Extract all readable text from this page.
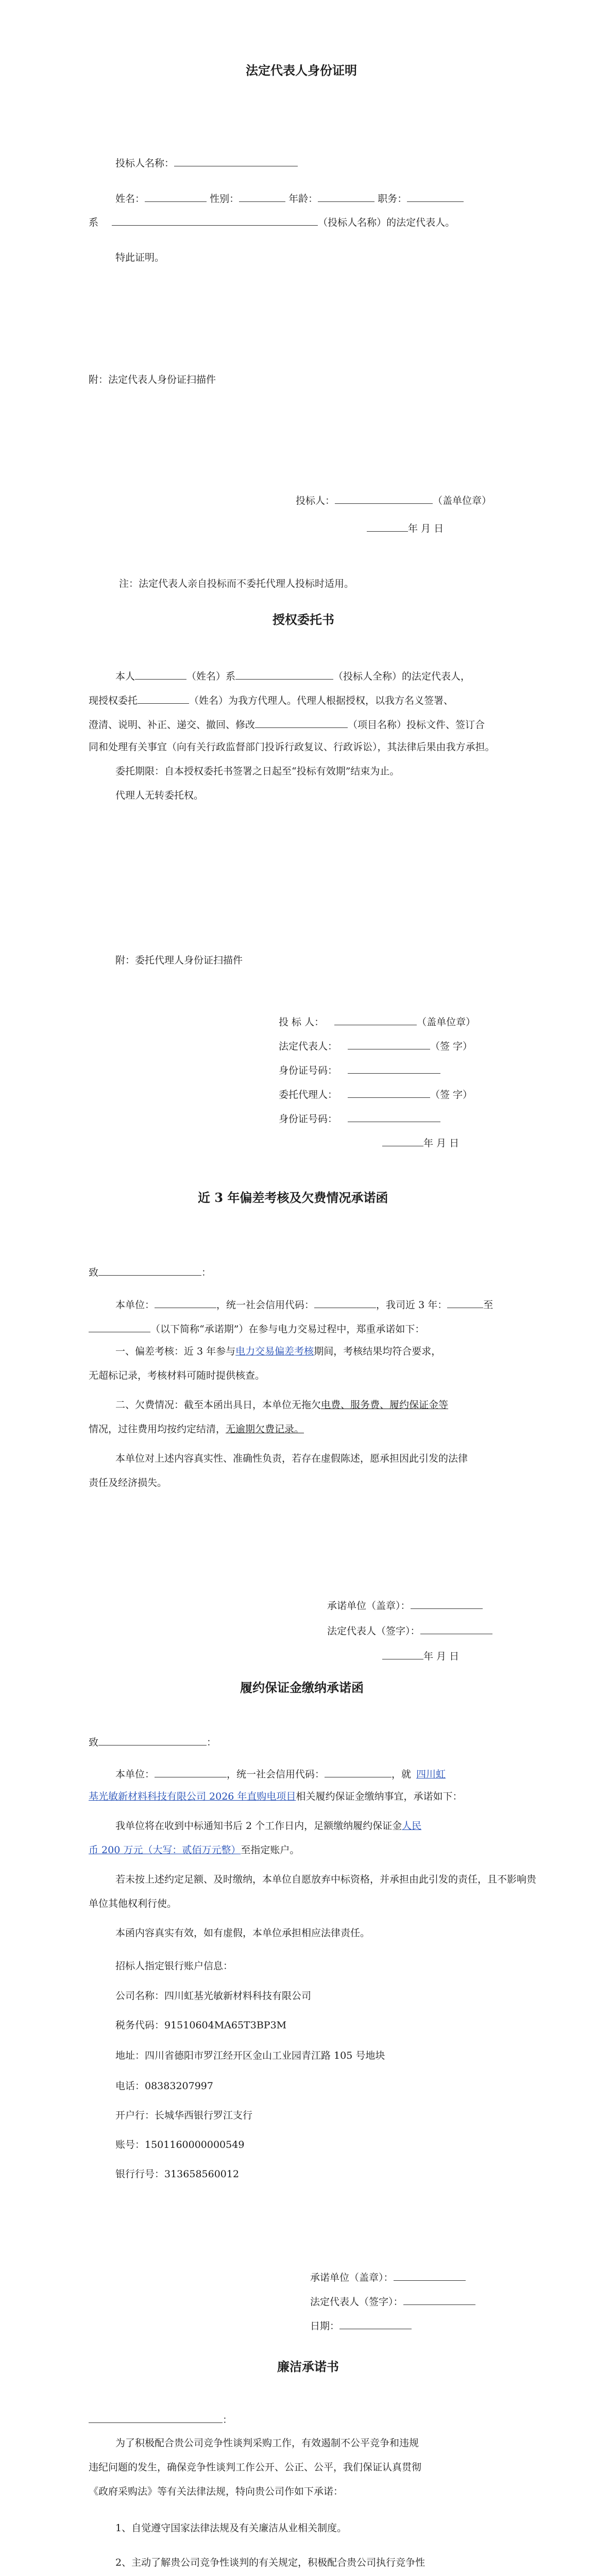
法定代表人身份证明
投标人名称：
姓名：	性别：	年龄：	职务：
系	（投标人名称）的法定代表人。
特此证明。
附：法定代表人身份证扫描件
投标人：	（盖单位章）
年 月 日
注：法定代表人亲自投标而不委托代理人投标时适用。
授权委托书
本人	（姓名）系	（投标人全称）的法定代表人，
现授权委托	（姓名）为我方代理人。代理人根据授权，以我方名义签署、
澄清、说明、补正、递交、撤回、修改	（项目名称）投标文件、签订合
同和处理有关事宜（向有关行政监督部门投诉行政复议、行政诉讼），其法律后果由我方承担。
委托期限：自本授权委托书签署之日起至“投标有效期”结束为止。
代理人无转委托权。
附：委托代理人身份证扫描件
投 标 人：	（盖单位章）
法定代表人：	（签 字）
身份证号码：
委托代理人：	（签 字）
身份证号码：
年 月 日
近 3 年偏差考核及欠费情况承诺函
致	：
本单位：	，统一社会信用代码：	，我司近 3 年：	至
（以下简称“承诺期”）在参与电力交易过程中，郑重承诺如下：
一、偏差考核：近 3 年参与电力交易偏差考核期间，考核结果均符合要求，
无超标记录，考核材料可随时提供核查。
二、欠费情况：截至本函出具日，本单位无拖欠电费、服务费、履约保证金等
情况，过往费用均按约定结清，无逾期欠费记录。
本单位对上述内容真实性、准确性负责，若存在虚假陈述，愿承担因此引发的法律
责任及经济损失。
承诺单位（盖章）：
法定代表人（签字）：
年 月 日
履约保证金缴纳承诺函
致	：
本单位：	，统一社会信用代码：	，就 四川虹
基光敏新材料科技有限公司 2026 年直购电项目相关履约保证金缴纳事宜，承诺如下：
我单位将在收到中标通知书后 2 个工作日内，足额缴纳履约保证金人民
币 200 万元（大写：贰佰万元整）至指定账户。
若未按上述约定足额、及时缴纳，本单位自愿放弃中标资格，并承担由此引发的责任，且不影响贵
单位其他权利行使。
本函内容真实有效，如有虚假，本单位承担相应法律责任。
招标人指定银行账户信息：
公司名称：四川虹基光敏新材料科技有限公司
税务代码：91510604MA65T3BP3M
地址：四川省德阳市罗江经开区金山工业园青江路 105 号地块
电话：08383207997
开户行：长城华西银行罗江支行
账号：1501160000000549
银行行号：313658560012
承诺单位（盖章）：
法定代表人（签字）：
日期：
廉洁承诺书
：
为了积极配合贵公司竞争性谈判采购工作，有效遏制不公平竞争和违规
违纪问题的发生，确保竞争性谈判工作公开、公正、公平，我们保证认真贯彻
《政府采购法》等有关法律法规，特向贵公司作如下承诺：
1、自觉遵守国家法律法规及有关廉洁从业相关制度。
2、主动了解贵公司竞争性谈判的有关规定，积极配合贵公司执行竞争性
